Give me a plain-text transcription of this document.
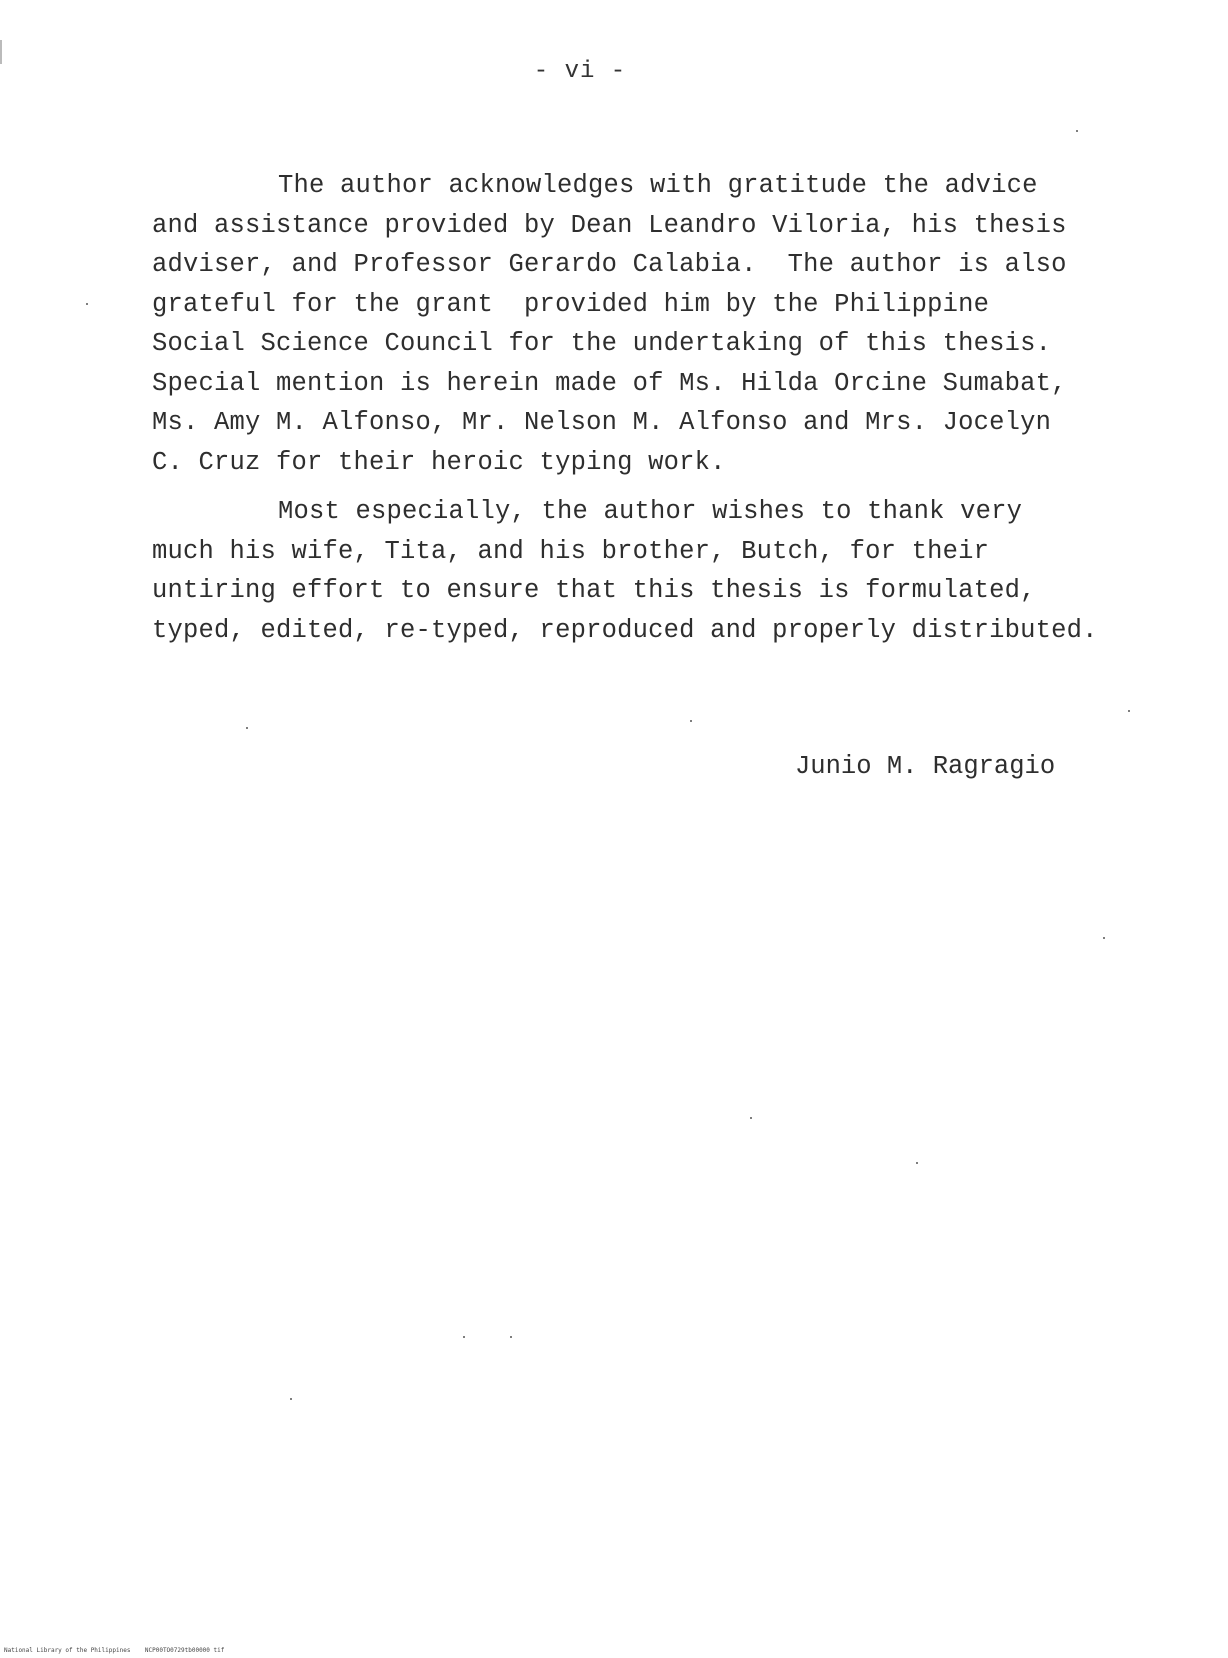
- vi -
The author acknowledges with gratitude the advice
and assistance provided by Dean Leandro Viloria, his thesis
adviser, and Professor Gerardo Calabia.  The author is also
grateful for the grant  provided him by the Philippine
Social Science Council for the undertaking of this thesis.
Special mention is herein made of Ms. Hilda Orcine Sumabat,
Ms. Amy M. Alfonso, Mr. Nelson M. Alfonso and Mrs. Jocelyn
C. Cruz for their heroic typing work.
Most especially, the author wishes to thank very
much his wife, Tita, and his brother, Butch, for their
untiring effort to ensure that this thesis is formulated,
typed, edited, re-typed, reproduced and properly distributed.
Junio M. Ragragio
National Library of the Philippines    NCP00TO0729tb00000 tif
